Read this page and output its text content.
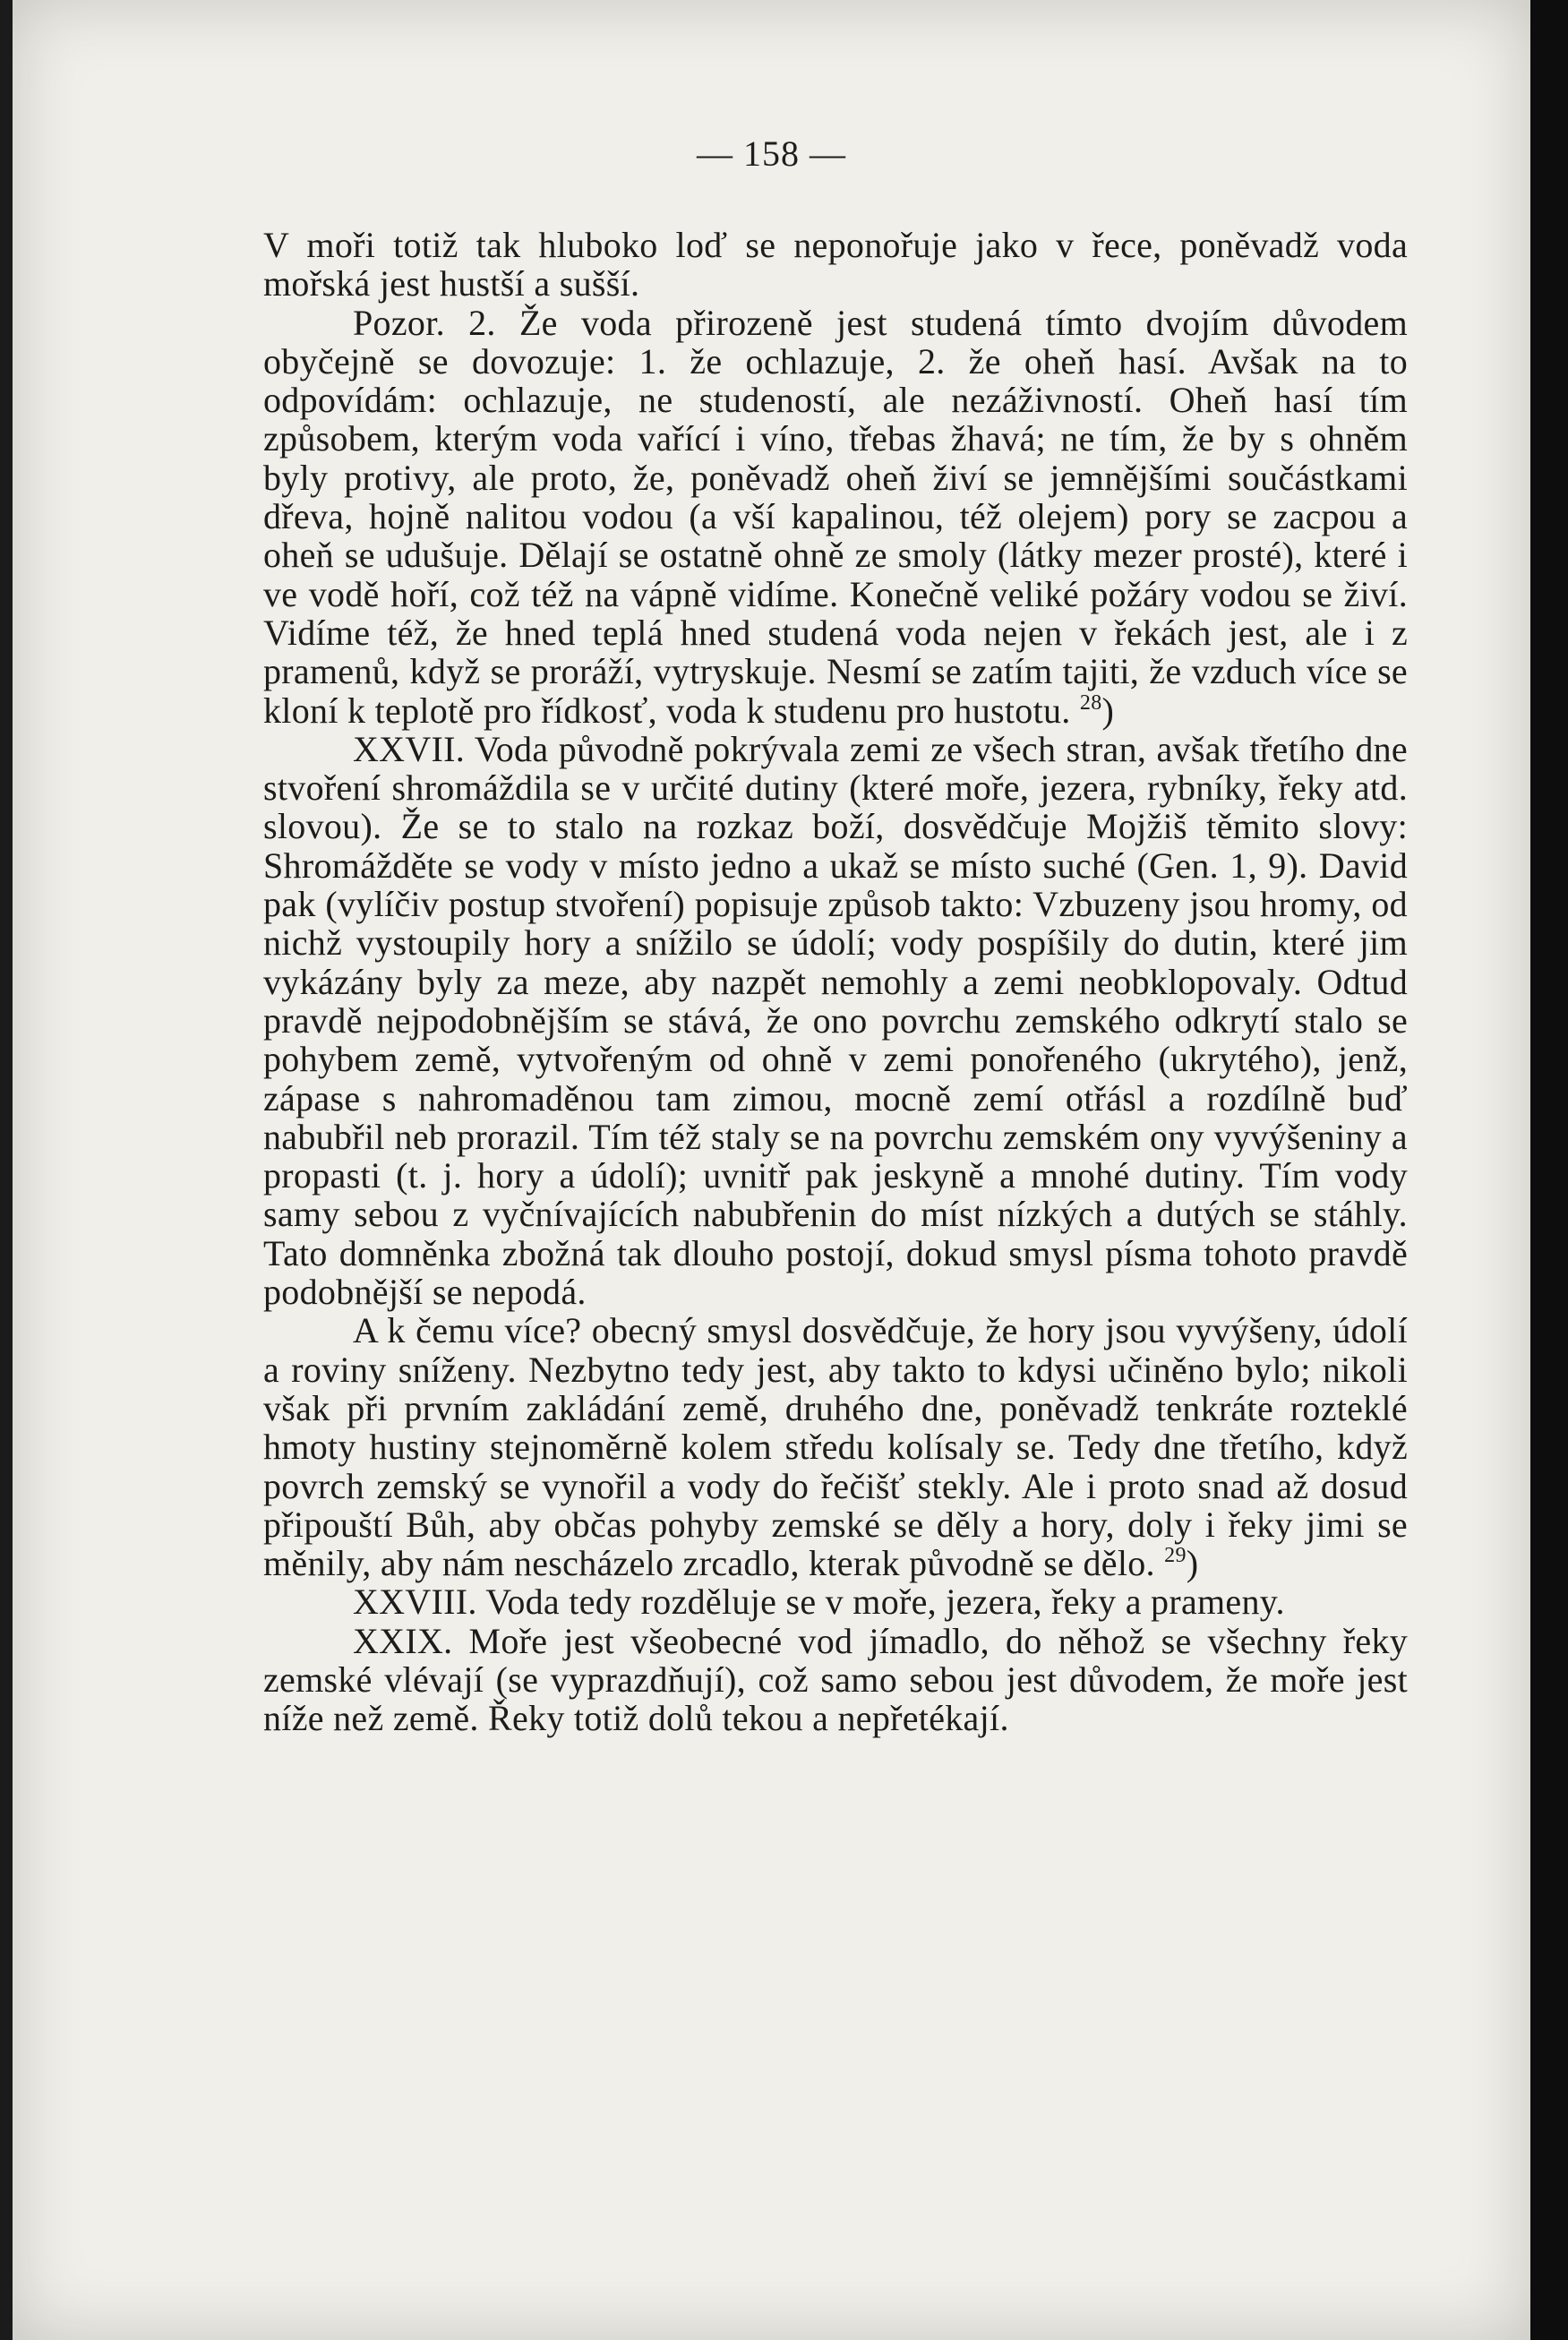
— 158 —

V moři totiž tak hluboko loď se neponořuje jako v řece, poněvadž voda mořská jest hustší a sušší.

Pozor. 2. Že voda přirozeně jest studená tímto dvojím důvodem obyčejně se dovozuje: 1. že ochlazuje, 2. že oheň hasí. Avšak na to odpovídám: ochlazuje, ne studeností, ale nezáživností. Oheň hasí tím způsobem, kterým voda vařící i víno, třebas žhavá; ne tím, že by s ohněm byly protivy, ale proto, že, poněvadž oheň živí se jemnějšími součástkami dřeva, hojně nalitou vodou (a vší kapalinou, též olejem) pory se zacpou a oheň se udušuje. Dělají se ostatně ohně ze smoly (látky mezer prosté), které i ve vodě hoří, což též na vápně vidíme. Konečně veliké požáry vodou se živí. Vidíme též, že hned teplá hned studená voda nejen v řekách jest, ale i z pramenů, když se proráží, vytryskuje. Nesmí se zatím tajiti, že vzduch více se kloní k teplotě pro řídkosť, voda k studenu pro hustotu. $^{28}$)

XXVII. Voda původně pokrývala zemi ze všech stran, avšak třetího dne stvoření shromáždila se v určité dutiny (které moře, jezera, rybníky, řeky atd. slovou). Že se to stalo na rozkaz boží, dosvědčuje Mojžiš těmito slovy: Shromážděte se vody v místo jedno a ukaž se místo suché (Gen. 1, 9). David pak (vylíčiv postup stvoření) popisuje způsob takto: Vzbuzeny jsou hromy, od nichž vystoupily hory a snížilo se údolí; vody pospíšily do dutin, které jim vykázány byly za meze, aby nazpět nemohly a zemi neobklopovaly. Odtud pravdě nejpodobnějším se stává, že ono povrchu zemského odkrytí stalo se pohybem země, vytvořeným od ohně v zemi ponořeného (ukrytého), jenž, zápase s nahromaděnou tam zimou, mocně zemí otřásl a rozdílně buď nabubřil neb prorazil. Tím též staly se na povrchu zemském ony vyvýšeniny a propasti (t. j. hory a údolí); uvnitř pak jeskyně a mnohé dutiny. Tím vody samy sebou z vyčnívajících nabubřenin do míst nízkých a dutých se stáhly. Tato domněnka zbožná tak dlouho postojí, dokud smysl písma tohoto pravdě podobnější se nepodá.

A k čemu více? obecný smysl dosvědčuje, že hory jsou vyvýšeny, údolí a roviny sníženy. Nezbytno tedy jest, aby takto to kdysi učiněno bylo; nikoli však při prvním zakládání země, druhého dne, poněvadž tenkráte rozteklé hmoty hustiny stejnoměrně kolem středu kolísaly se. Tedy dne třetího, když povrch zemský se vynořil a vody do řečišť stekly. Ale i proto snad až dosud připouští Bůh, aby občas pohyby zemské se děly a hory, doly i řeky jimi se měnily, aby nám nescházelo zrcadlo, kterak původně se dělo. $^{29}$)

XXVIII. Voda tedy rozděluje se v moře, jezera, řeky a prameny.

XXIX. Moře jest všeobecné vod jímadlo, do něhož se všechny řeky zemské vlévají (se vyprazdňují), což samo sebou jest důvodem, že moře jest níže než země. Řeky totiž dolů tekou a nepřetékají.
